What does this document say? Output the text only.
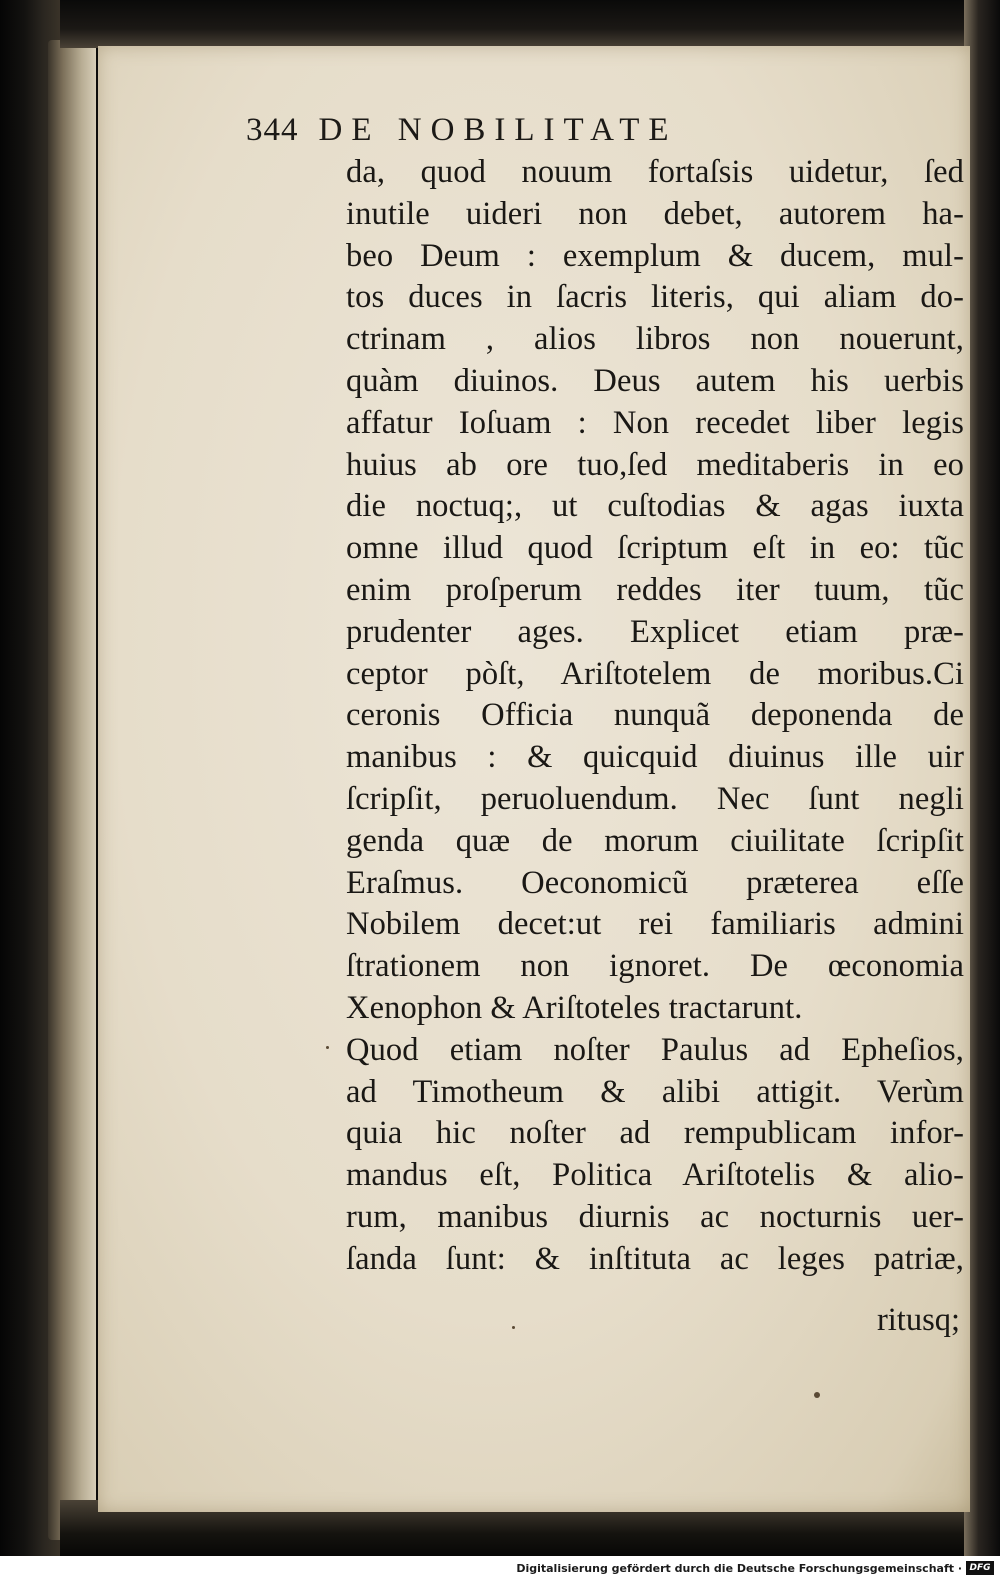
344 DE NOBILITATE
da, quod nouum fortaſsis uidetur, ſed
inutile uideri non debet, autorem ha-
beo Deum : exemplum & ducem, mul-
tos duces in ſacris literis, qui aliam do-
ctrinam , alios libros non nouerunt,
quàm diuinos. Deus autem his uerbis
affatur Ioſuam : Non recedet liber legis
huius ab ore tuo,ſed meditaberis in eo
die noctuq;, ut cuſtodias & agas iuxta
omne illud quod ſcriptum eſt in eo: tũc
enim proſperum reddes iter tuum, tũc
prudenter ages. Explicet etiam præ-
ceptor pòſt, Ariſtotelem de moribus.Ci
ceronis Officia nunquã deponenda de
manibus : & quicquid diuinus ille uir
ſcripſit, peruoluendum. Nec ſunt negli
genda quæ de morum ciuilitate ſcripſit
Eraſmus. Oeconomicũ præterea eſſe
Nobilem decet:ut rei familiaris admini
ſtrationem non ignoret. De œconomia
Xenophon & Ariſtoteles tractarunt.
Quod etiam noſter Paulus ad Epheſios,
ad Timotheum & alibi attigit. Verùm
quia hic noſter ad rempublicam infor-
mandus eſt, Politica Ariſtotelis & alio-
rum, manibus diurnis ac nocturnis uer-
ſanda ſunt: & inſtituta ac leges patriæ,
ritusq;
Digitalisierung gefördert durch die Deutsche Forschungsgemeinschaft · DFG
